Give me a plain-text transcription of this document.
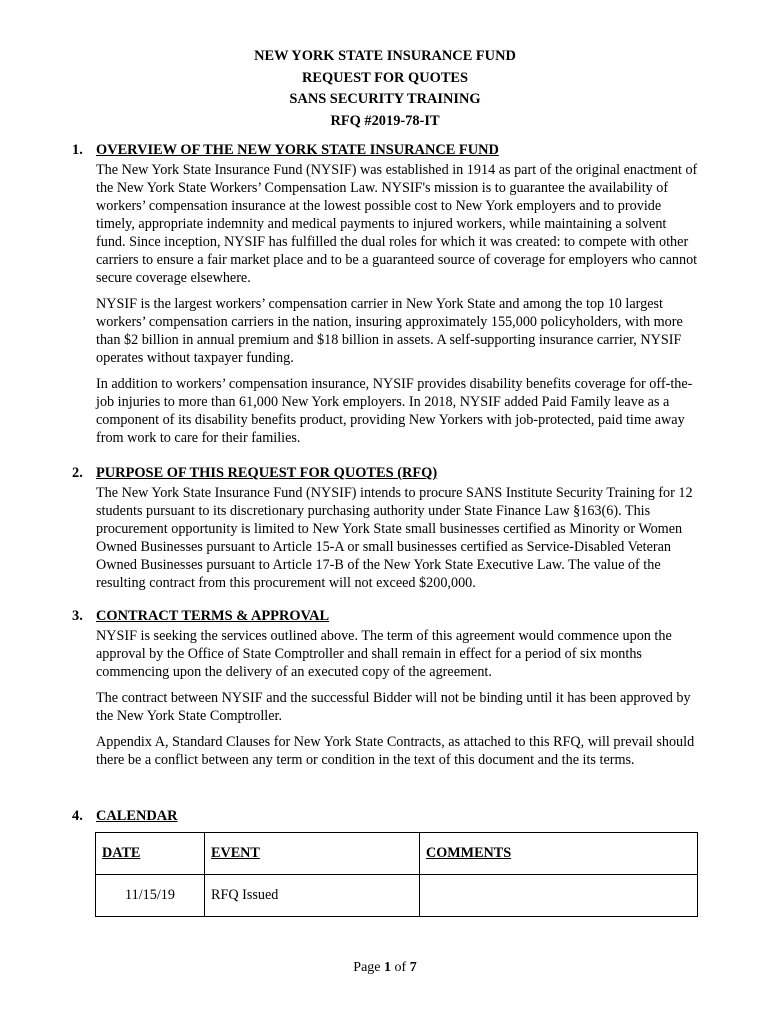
NEW YORK STATE INSURANCE FUND
REQUEST FOR QUOTES
SANS SECURITY TRAINING
RFQ #2019-78-IT
1. OVERVIEW OF THE NEW YORK STATE INSURANCE FUND

The New York State Insurance Fund (NYSIF) was established in 1914 as part of the original enactment of the New York State Workers’ Compensation Law. NYSIF's mission is to guarantee the availability of workers’ compensation insurance at the lowest possible cost to New York employers and to provide timely, appropriate indemnity and medical payments to injured workers, while maintaining a solvent fund. Since inception, NYSIF has fulfilled the dual roles for which it was created: to compete with other carriers to ensure a fair market place and to be a guaranteed source of coverage for employers who cannot secure coverage elsewhere.

NYSIF is the largest workers’ compensation carrier in New York State and among the top 10 largest workers’ compensation carriers in the nation, insuring approximately 155,000 policyholders, with more than $2 billion in annual premium and $18 billion in assets. A self-supporting insurance carrier, NYSIF operates without taxpayer funding.

In addition to workers’ compensation insurance, NYSIF provides disability benefits coverage for off-the-job injuries to more than 61,000 New York employers. In 2018, NYSIF added Paid Family leave as a component of its disability benefits product, providing New Yorkers with job-protected, paid time away from work to care for their families.

2. PURPOSE OF THIS REQUEST FOR QUOTES (RFQ)

The New York State Insurance Fund (NYSIF) intends to procure SANS Institute Security Training for 12 students pursuant to its discretionary purchasing authority under State Finance Law §163(6). This procurement opportunity is limited to New York State small businesses certified as Minority or Women Owned Businesses pursuant to Article 15-A or small businesses certified as Service-Disabled Veteran Owned Businesses pursuant to Article 17-B of the New York State Executive Law. The value of the resulting contract from this procurement will not exceed $200,000.

3. CONTRACT TERMS & APPROVAL

NYSIF is seeking the services outlined above. The term of this agreement would commence upon the approval by the Office of State Comptroller and shall remain in effect for a period of six months commencing upon the delivery of an executed copy of the agreement.

The contract between NYSIF and the successful Bidder will not be binding until it has been approved by the New York State Comptroller.

Appendix A, Standard Clauses for New York State Contracts, as attached to this RFQ, will prevail should there be a conflict between any term or condition in the text of this document and the its terms.

4. CALENDAR
DATE	EVENT	COMMENTS
11/15/19	RFQ Issued	
Page 1 of 7
